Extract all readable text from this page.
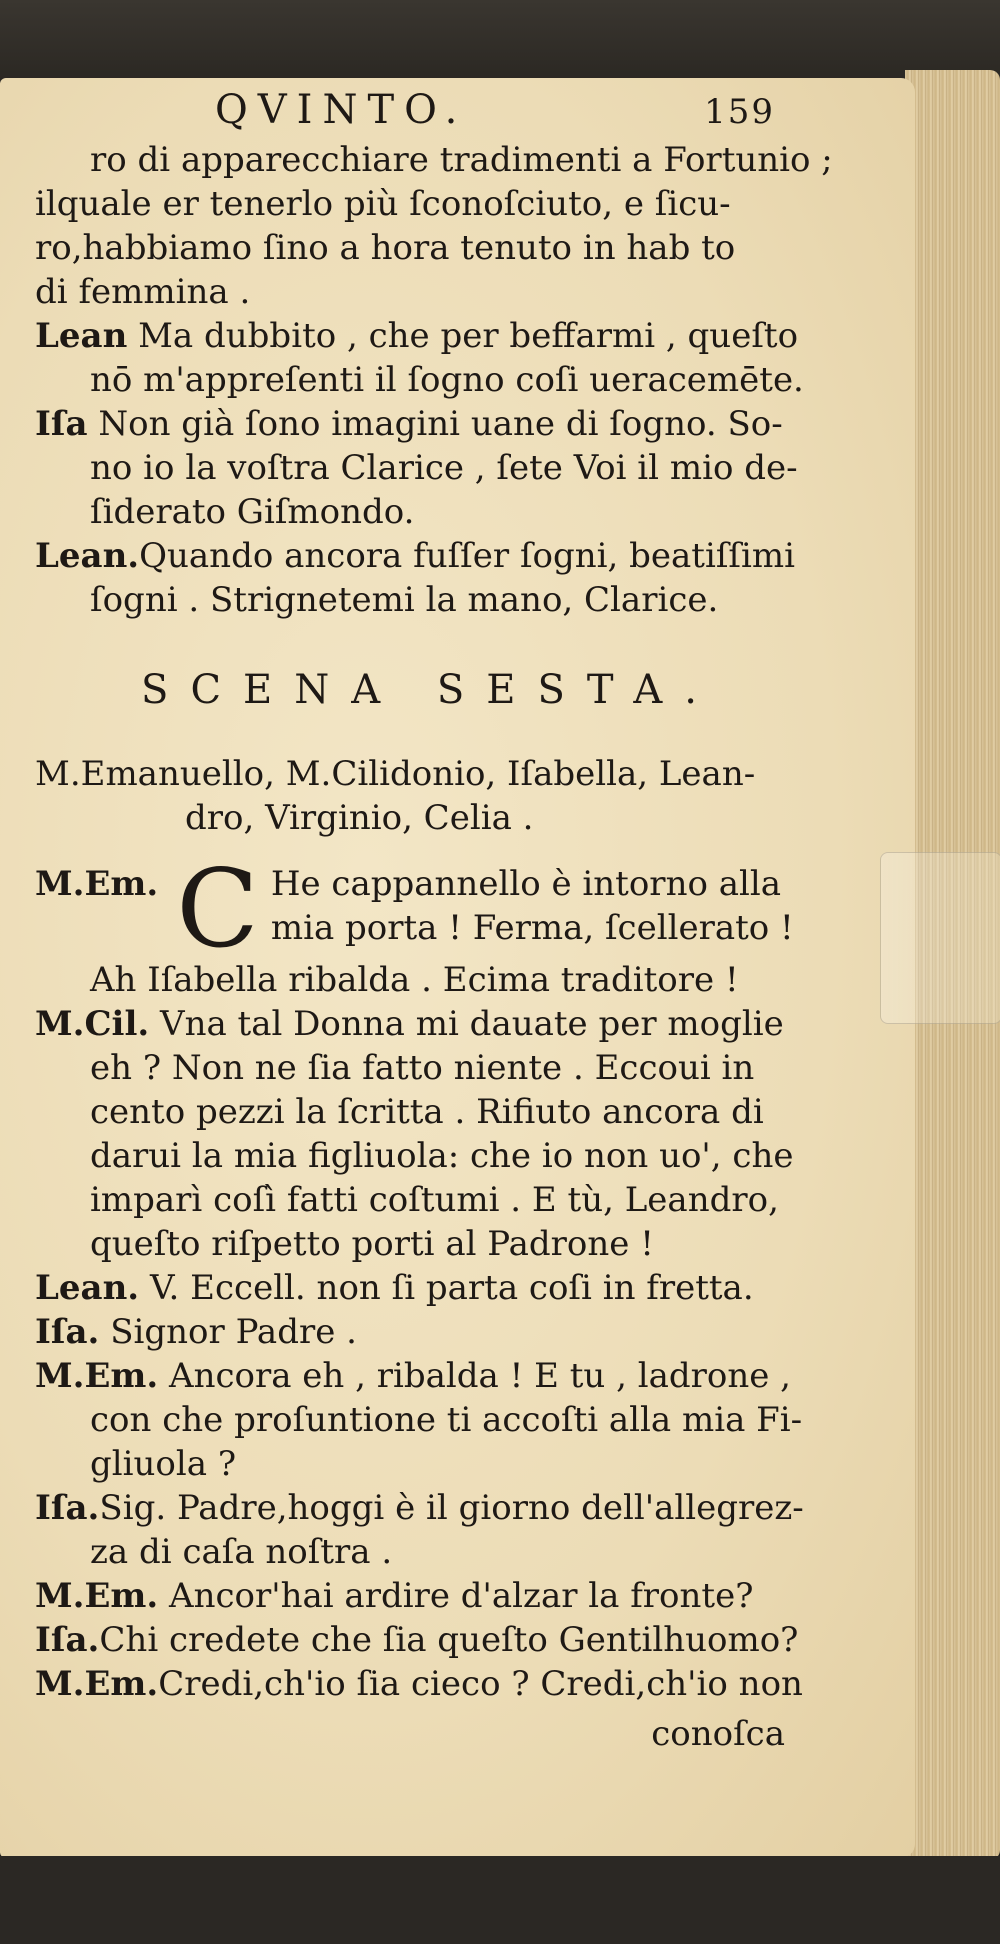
QVINTO.	159

ro di apparecchiare tradimenti a Fortunio ;

ilquale er tenerlo più ſconoſciuto, e ſicu-

ro,habbiamo ſino a hora tenuto in hab to

di femmina .

Lean Ma dubbito , che per beffarmi , queſto

nō m'appreſenti il ſogno coſi ueracemēte.

Iſa Non già ſono imagini uane di ſogno. So-

no io la voſtra Clarice , ſete Voi il mio de-

ſiderato Giſmondo.

Lean.Quando ancora fuſſer ſogni, beatiſſimi

ſogni . Strignetemi la mano, Clarice.

SCENA SESTA.

M.Emanuello, M.Cilidonio, Iſabella, Lean-

dro, Virginio, Celia .

M.Em. C He cappannello è intorno alla

mia porta ! Ferma, ſcellerato !

Ah Iſabella ribalda . Ecima traditore !

M.Cil. Vna tal Donna mi dauate per moglie

eh ? Non ne ſia fatto niente . Eccoui in

cento pezzi la ſcritta . Rifiuto ancora di

darui la mia figliuola: che io non uo', che

imparì coſì fatti coſtumi . E tù, Leandro,

queſto riſpetto porti al Padrone !

Lean. V. Eccell. non ſi parta coſi in fretta.

Iſa. Signor Padre .

M.Em. Ancora eh , ribalda ! E tu , ladrone ,

con che proſuntione ti accoſti alla mia Fi-

gliuola ?

Iſa.Sig. Padre,hoggi è il giorno dell'allegrez-

za di caſa noſtra .

M.Em. Ancor'hai ardire d'alzar la fronte?

Iſa.Chi credete che ſia queſto Gentilhuomo?

M.Em.Credi,ch'io ſia cieco ? Credi,ch'io non

conoſca
